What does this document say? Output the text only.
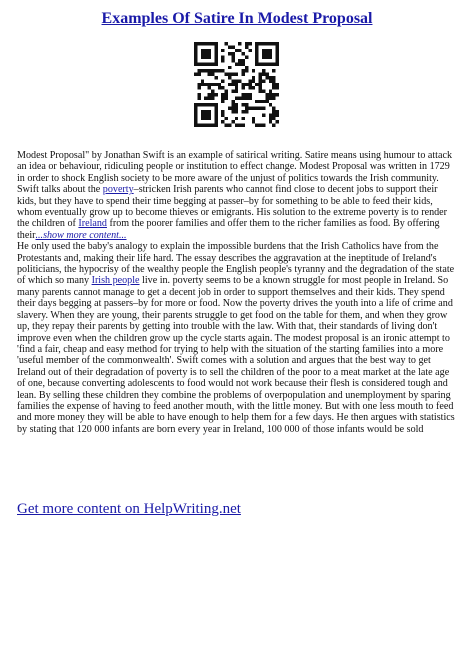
Examples Of Satire In Modest Proposal

Modest Proposal" by Jonathan Swift is an example of satirical writing. Satire means using humour to attack an idea or behaviour, ridiculing people or institution to effect change. Modest Proposal was written in 1729 in order to shock English society to be more aware of the unjust of politics towards the Irish community. Swift talks about the poverty–stricken Irish parents who cannot find close to decent jobs to support their kids, but they have to spend their time begging at passer–by for something to be able to feed their kids, whom eventually grow up to become thieves or emigrants. His solution to the extreme poverty is to render the children of Ireland from the poorer families and offer them to the richer families as food. By offering their...show more content...

He only used the baby's analogy to explain the impossible burdens that the Irish Catholics have from the Protestants and, making their life hard. The essay describes the aggravation at the ineptitude of Ireland's politicians, the hypocrisy of the wealthy people the English people's tyranny and the degradation of the state of which so many Irish people live in. poverty seems to be a known struggle for most people in Ireland. So many parents cannot manage to get a decent job in order to support themselves and their kids. They spend their days begging at passers–by for more or food. Now the poverty drives the youth into a life of crime and slavery. When they are young, their parents struggle to get food on the table for them, and when they grow up, they repay their parents by getting into trouble with the law. With that, their standards of living don't improve even when the children grow up the cycle starts again. The modest proposal is an ironic attempt to 'find a fair, cheap and easy method for trying to help with the situation of the starting families into a more 'useful member of the commonwealth'. Swift comes with a solution and argues that the best way to get Ireland out of their degradation of poverty is to sell the children of the poor to a meat market at the late age of one, because converting adolescents to food would not work because their flesh is considered tough and lean. By selling these children they combine the problems of overpopulation and unemployment by sparing families the expense of having to feed another mouth, with the little money. But with one less mouth to feed and more money they will be able to have enough to help them for a few days. He then argues with statistics by stating that 120 000 infants are born every year in Ireland, 100 000 of those infants would be sold

Get more content on HelpWriting.net
